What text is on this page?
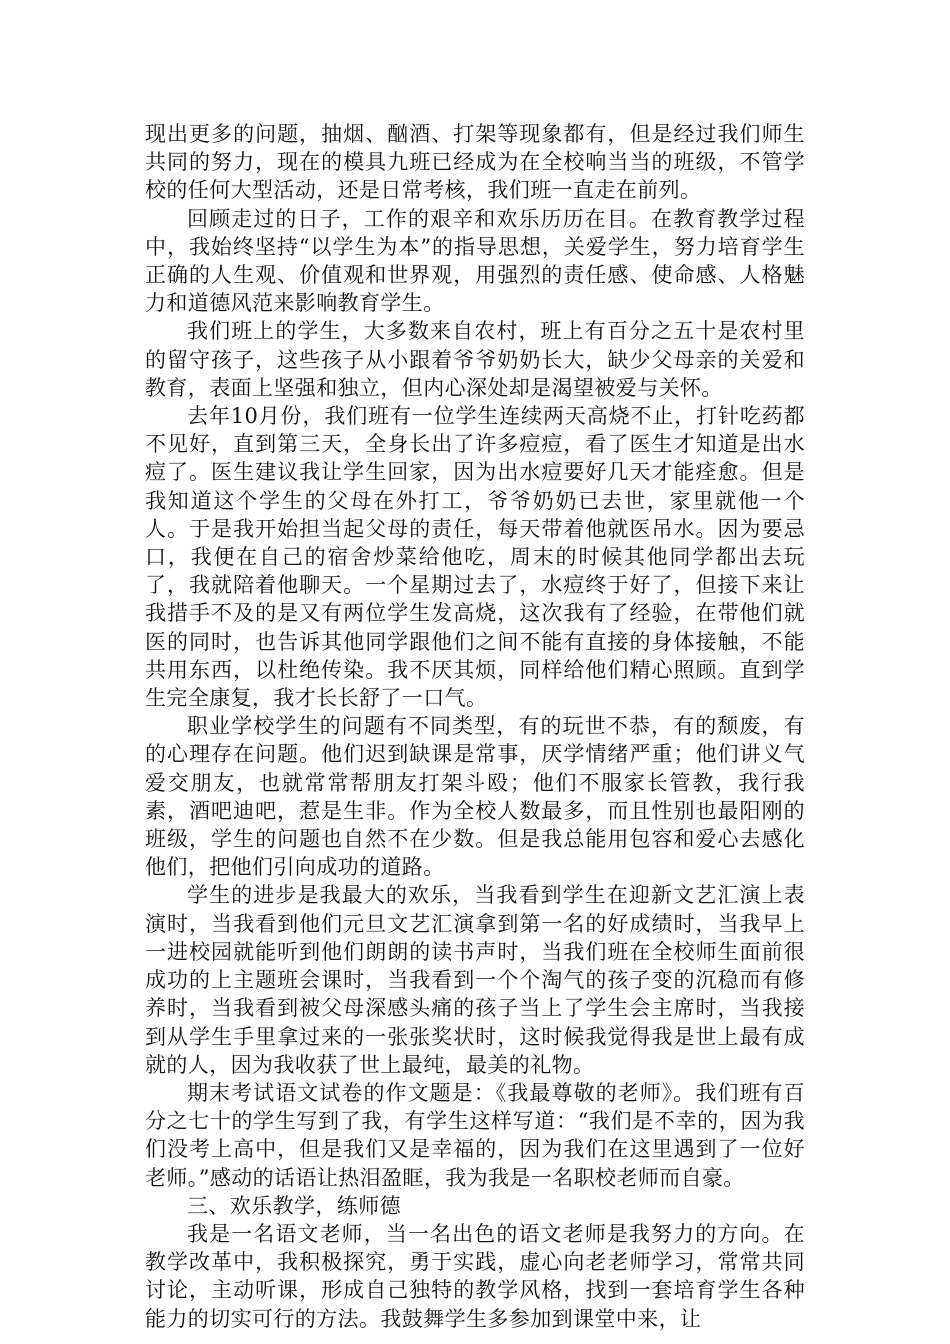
现出更多的问题，抽烟、酗酒、打架等现象都有，但是经过我们师生共同的努力，现在的模具九班已经成为在全校响当当的班级，不管学校的任何大型活动，还是日常考核，我们班一直走在前列。

回顾走过的日子，工作的艰辛和欢乐历历在目。在教育教学过程中，我始终坚持“以学生为本”的指导思想，关爱学生，努力培育学生正确的人生观、价值观和世界观，用强烈的责任感、使命感、人格魅力和道德风范来影响教育学生。

我们班上的学生，大多数来自农村，班上有百分之五十是农村里的留守孩子，这些孩子从小跟着爷爷奶奶长大，缺少父母亲的关爱和教育，表面上坚强和独立，但内心深处却是渴望被爱与关怀。

去年10月份，我们班有一位学生连续两天高烧不止，打针吃药都不见好，直到第三天，全身长出了许多痘痘，看了医生才知道是出水痘了。医生建议我让学生回家，因为出水痘要好几天才能痊愈。但是我知道这个学生的父母在外打工，爷爷奶奶已去世，家里就他一个人。于是我开始担当起父母的责任，每天带着他就医吊水。因为要忌口，我便在自己的宿舍炒菜给他吃，周末的时候其他同学都出去玩了，我就陪着他聊天。一个星期过去了，水痘终于好了，但接下来让我措手不及的是又有两位学生发高烧，这次我有了经验，在带他们就医的同时，也告诉其他同学跟他们之间不能有直接的身体接触，不能共用东西，以杜绝传染。我不厌其烦，同样给他们精心照顾。直到学生完全康复，我才长长舒了一口气。

职业学校学生的问题有不同类型，有的玩世不恭，有的颓废，有的心理存在问题。他们迟到缺课是常事，厌学情绪严重；他们讲义气爱交朋友，也就常常帮朋友打架斗殴；他们不服家长管教，我行我素，酒吧迪吧，惹是生非。作为全校人数最多，而且性别也最阳刚的班级，学生的问题也自然不在少数。但是我总能用包容和爱心去感化他们，把他们引向成功的道路。

学生的进步是我最大的欢乐，当我看到学生在迎新文艺汇演上表演时，当我看到他们元旦文艺汇演拿到第一名的好成绩时，当我早上一进校园就能听到他们朗朗的读书声时，当我们班在全校师生面前很成功的上主题班会课时，当我看到一个个淘气的孩子变的沉稳而有修养时，当我看到被父母深感头痛的孩子当上了学生会主席时，当我接到从学生手里拿过来的一张张奖状时，这时候我觉得我是世上最有成就的人，因为我收获了世上最纯，最美的礼物。

期末考试语文试卷的作文题是：《我最尊敬的老师》。我们班有百分之七十的学生写到了我，有学生这样写道：“我们是不幸的，因为我们没考上高中，但是我们又是幸福的，因为我们在这里遇到了一位好老师。”感动的话语让热泪盈眶，我为我是一名职校老师而自豪。

三、欢乐教学，练师德

我是一名语文老师，当一名出色的语文老师是我努力的方向。在教学改革中，我积极探究，勇于实践，虚心向老老师学习，常常共同讨论，主动听课，形成自己独特的教学风格，找到一套培育学生各种能力的切实可行的方法。我鼓舞学生多参加到课堂中来，让
